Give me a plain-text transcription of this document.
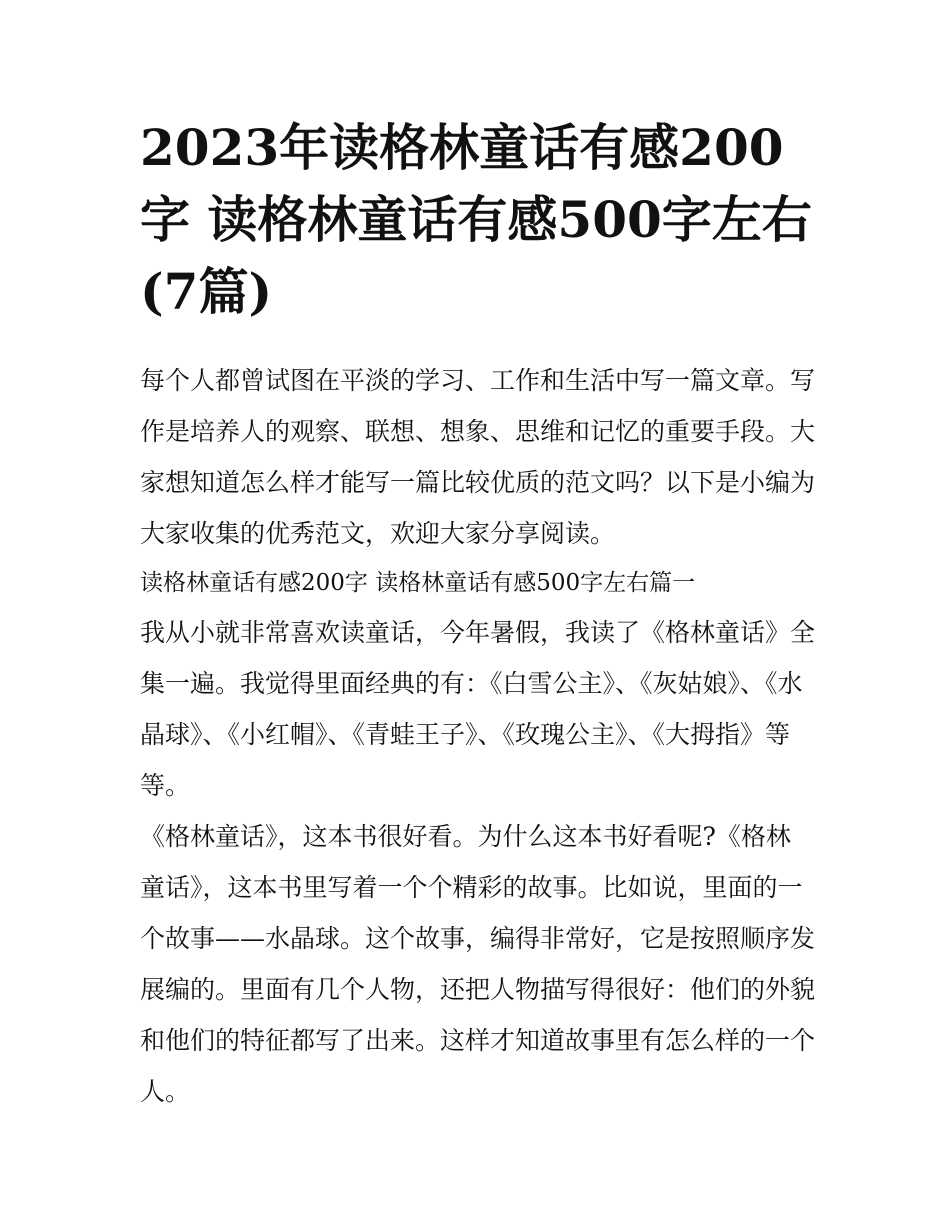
2023年读格林童话有感200字 读格林童话有感500字左右(7篇)

每个人都曾试图在平淡的学习、工作和生活中写一篇文章。写作是培养人的观察、联想、想象、思维和记忆的重要手段。大家想知道怎么样才能写一篇比较优质的范文吗？以下是小编为大家收集的优秀范文，欢迎大家分享阅读。

读格林童话有感200字 读格林童话有感500字左右篇一

我从小就非常喜欢读童话，今年暑假，我读了《格林童话》全集一遍。我觉得里面经典的有：《白雪公主》、《灰姑娘》、《水晶球》、《小红帽》、《青蛙王子》、《玫瑰公主》、《大拇指》等等。

《格林童话》，这本书很好看。为什么这本书好看呢?《格林童话》，这本书里写着一个个精彩的故事。比如说，里面的一个故事——水晶球。这个故事，编得非常好，它是按照顺序发展编的。里面有几个人物，还把人物描写得很好：他们的外貌和他们的特征都写了出来。这样才知道故事里有怎么样的一个人。
